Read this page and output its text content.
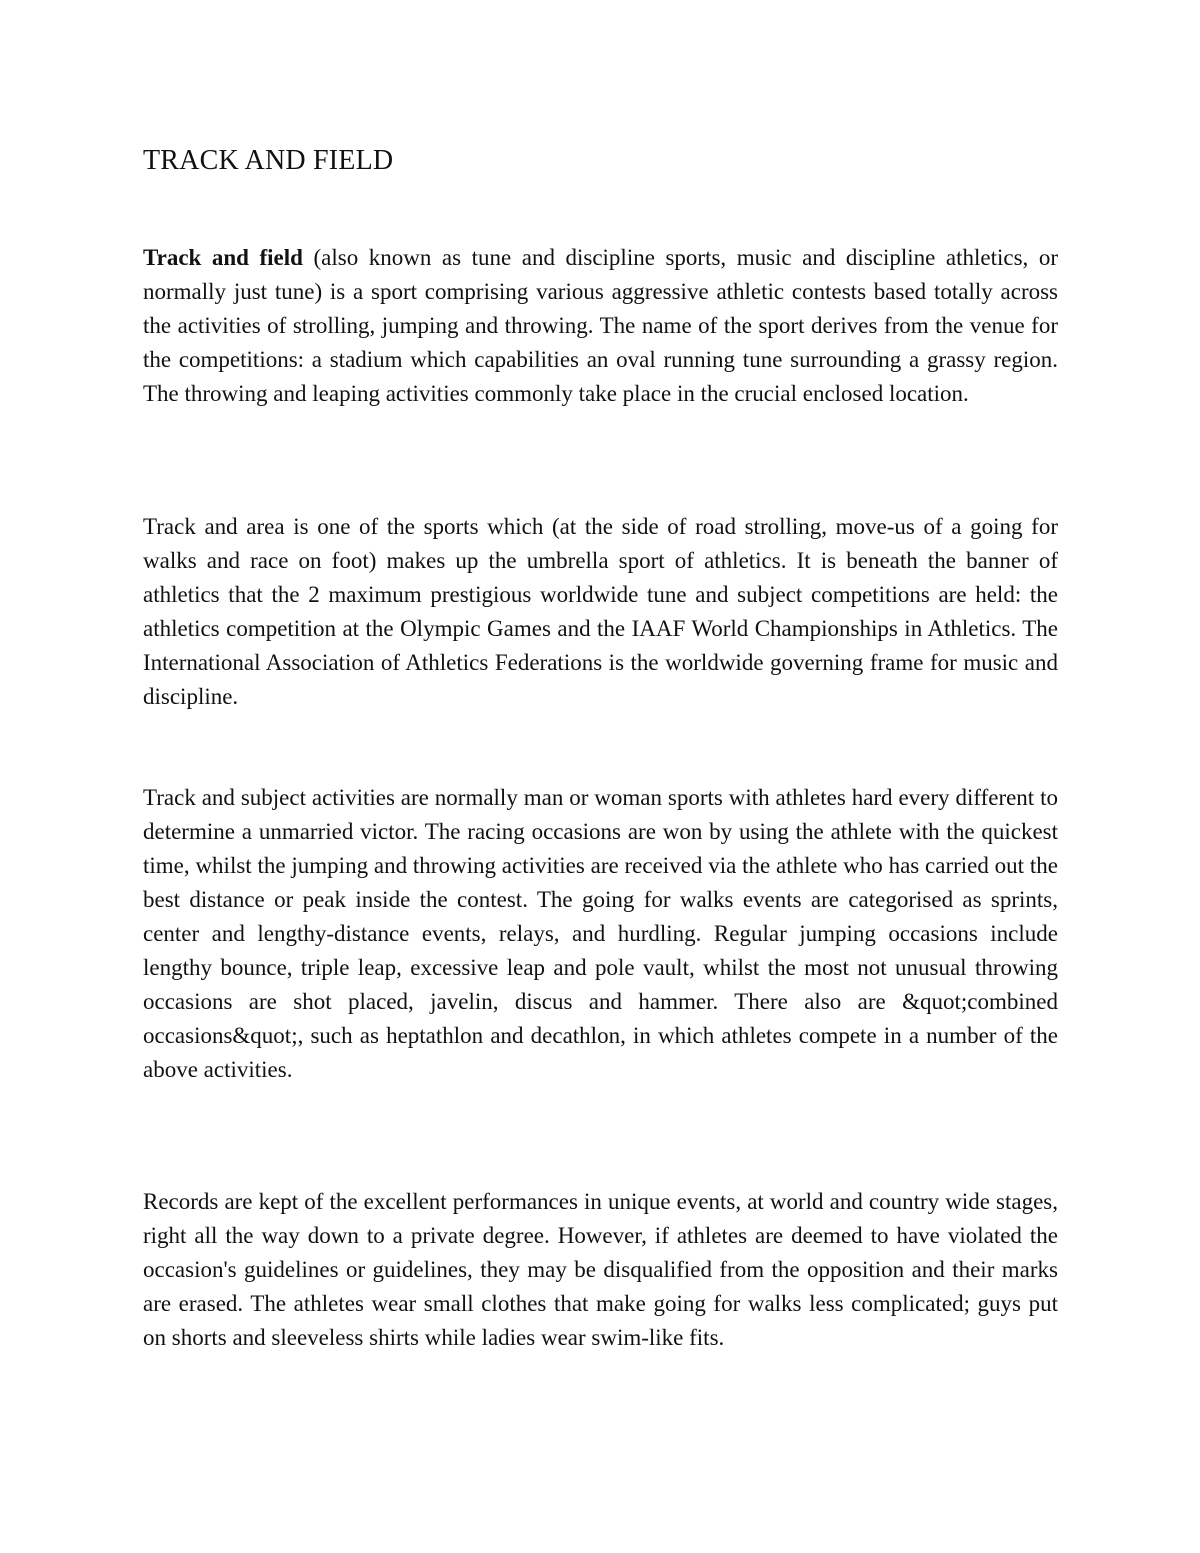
TRACK AND FIELD

Track and field (also known as tune and discipline sports, music and discipline athletics, or normally just tune) is a sport comprising various aggressive athletic contests based totally across the activities of strolling, jumping and throwing. The name of the sport derives from the venue for the competitions: a stadium which capabilities an oval running tune surrounding a grassy region. The throwing and leaping activities commonly take place in the crucial enclosed location.

Track and area is one of the sports which (at the side of road strolling, move-us of a going for walks and race on foot) makes up the umbrella sport of athletics. It is beneath the banner of athletics that the 2 maximum prestigious worldwide tune and subject competitions are held: the athletics competition at the Olympic Games and the IAAF World Championships in Athletics. The International Association of Athletics Federations is the worldwide governing frame for music and discipline.

Track and subject activities are normally man or woman sports with athletes hard every different to determine a unmarried victor. The racing occasions are won by using the athlete with the quickest time, whilst the jumping and throwing activities are received via the athlete who has carried out the best distance or peak inside the contest. The going for walks events are categorised as sprints, center and lengthy-distance events, relays, and hurdling. Regular jumping occasions include lengthy bounce, triple leap, excessive leap and pole vault, whilst the most not unusual throwing occasions are shot placed, javelin, discus and hammer. There also are &quot;combined occasions&quot;, such as heptathlon and decathlon, in which athletes compete in a number of the above activities.

Records are kept of the excellent performances in unique events, at world and country wide stages, right all the way down to a private degree. However, if athletes are deemed to have violated the occasion's guidelines or guidelines, they may be disqualified from the opposition and their marks are erased. The athletes wear small clothes that make going for walks less complicated; guys put on shorts and sleeveless shirts while ladies wear swim-like fits.
